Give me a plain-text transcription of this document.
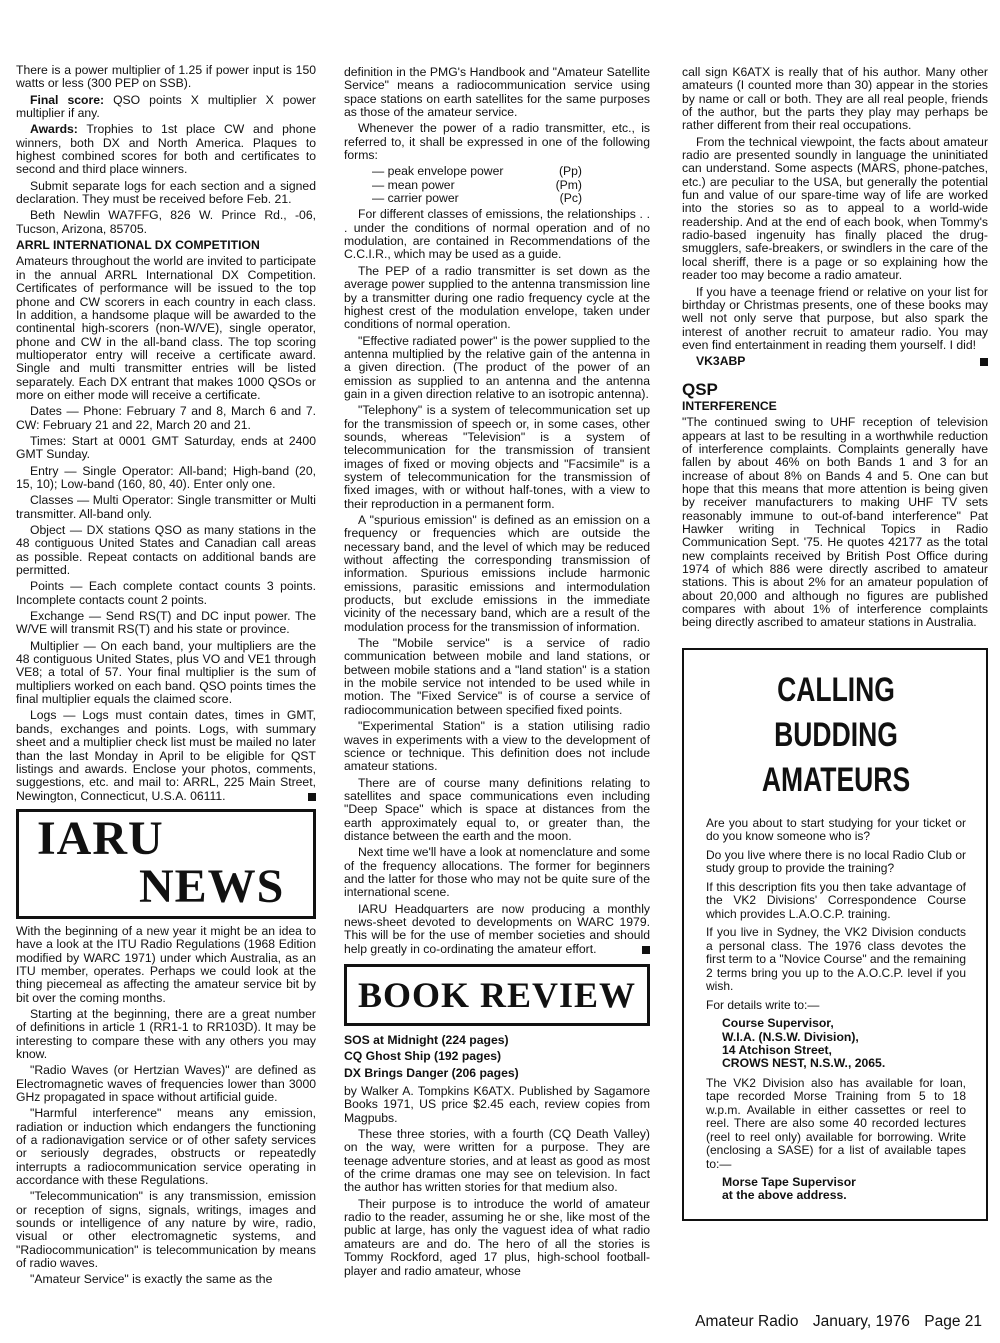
There is a power multiplier of 1.25 if power input is 150 watts or less (300 PEP on SSB).

Final score: QSO points X multiplier X power multiplier if any.

Awards: Trophies to 1st place CW and phone winners, both DX and North America. Plaques to highest combined scores for both and certificates to second and third place winners.

Submit separate logs for each section and a signed declaration. They must be received before Feb. 21.

Beth Newlin WA7FFG, 826 W. Prince Rd., -06, Tucson, Arizona, 85705.

ARRL INTERNATIONAL DX COMPETITION

Amateurs throughout the world are invited to participate in the annual ARRL International DX Competition. Certificates of performance will be issued to the top phone and CW scorers in each country in each class. In addition, a handsome plaque will be awarded to the continental high-scorers (non-W/VE), single operator, phone and CW in the all-band class. The top scoring multioperator entry will receive a certificate award. Single and multi transmitter entries will be listed separately. Each DX entrant that makes 1000 QSOs or more on either mode will receive a certificate.

Dates — Phone: February 7 and 8, March 6 and 7. CW: February 21 and 22, March 20 and 21.

Times: Start at 0001 GMT Saturday, ends at 2400 GMT Sunday.

Entry — Single Operator: All-band; High-band (20, 15, 10); Low-band (160, 80, 40). Enter only one.

Classes — Multi Operator: Single transmitter or Multi transmitter. All-band only.

Object — DX stations QSO as many stations in the 48 contiguous United States and Canadian call areas as possible. Repeat contacts on additional bands are permitted.

Points — Each complete contact counts 3 points. Incomplete contacts count 2 points.

Exchange — Send RS(T) and DC input power. The W/VE will transmit RS(T) and his state or province.

Multiplier — On each band, your multipliers are the 48 contiguous United States, plus VO and VE1 through VE8; a total of 57. Your final multiplier is the sum of multipliers worked on each band. QSO points times the final multiplier equals the claimed score.

Logs — Logs must contain dates, times in GMT, bands, exchanges and points. Logs, with summary sheet and a multiplier check list must be mailed no later than the last Monday in April to be eligible for QST listings and awards. Enclose your photos, comments, suggestions, etc. and mail to: ARRL, 225 Main Street, Newington, Connecticut, U.S.A. 06111.

IARU
NEWS

With the beginning of a new year it might be an idea to have a look at the ITU Radio Regulations (1968 Edition modified by WARC 1971) under which Australia, as an ITU member, operates. Perhaps we could look at the thing piecemeal as affecting the amateur service bit by bit over the coming months.

Starting at the beginning, there are a great number of definitions in article 1 (RR1-1 to RR103D). It may be interesting to compare these with any others you may know.

"Radio Waves (or Hertzian Waves)" are defined as Electromagnetic waves of frequencies lower than 3000 GHz propagated in space without artificial guide.

"Harmful interference" means any emission, radiation or induction which endangers the functioning of a radionavigation service or of other safety services or seriously degrades, obstructs or repeatedly interrupts a radiocommunication service operating in accordance with these Regulations.

"Telecommunication" is any transmission, emission or reception of signs, signals, writings, images and sounds or intelligence of any nature by wire, radio, visual or other electromagnetic systems, and "Radiocommunication" is telecommunication by means of radio waves.

"Amateur Service" is exactly the same as the

definition in the PMG's Handbook and "Amateur Satellite Service" means a radiocommunication service using space stations on earth satellites for the same purposes as those of the amateur service.

Whenever the power of a radio transmitter, etc., is referred to, it shall be expressed in one of the following forms:

— peak envelope power	(Pp)
— mean power	(Pm)
— carrier power	(Pc)

For different classes of emissions, the relationships . . . under the conditions of normal operation and of no modulation, are contained in Recommendations of the C.C.I.R., which may be used as a guide.

The PEP of a radio transmitter is set down as the average power supplied to the antenna transmission line by a transmitter during one radio frequency cycle at the highest crest of the modulation envelope, taken under conditions of normal operation.

"Effective radiated power" is the power supplied to the antenna multiplied by the relative gain of the antenna in a given direction. (The product of the power of an emission as supplied to an antenna and the antenna gain in a given direction relative to an isotropic antenna).

"Telephony" is a system of telecommunication set up for the transmission of speech or, in some cases, other sounds, whereas "Television" is a system of telecommunication for the transmission of transient images of fixed or moving objects and "Facsimile" is a system of telecommunication for the transmission of fixed images, with or without half-tones, with a view to their reproduction in a permanent form.

A "spurious emission" is defined as an emission on a frequency or frequencies which are outside the necessary band, and the level of which may be reduced without affecting the corresponding transmission of information. Spurious emissions include harmonic emissions, parasitic emissions and intermodulation products, but exclude emissions in the immediate vicinity of the necessary band, which are a result of the modulation process for the transmission of information.

The "Mobile service" is a service of radio communication between mobile and land stations, or between mobile stations and a "land station" is a station in the mobile service not intended to be used while in motion. The "Fixed Service" is of course a service of radiocommunication between specified fixed points.

"Experimental Station" is a station utilising radio waves in experiments with a view to the development of science or technique. This definition does not include amateur stations.

There are of course many definitions relating to satellites and space communications even including "Deep Space" which is space at distances from the earth approximately equal to, or greater than, the distance between the earth and the moon.

Next time we'll have a look at nomenclature and some of the frequency allocations. The former for beginners and the latter for those who may not be quite sure of the international scene.

IARU Headquarters are now producing a monthly news-sheet devoted to developments on WARC 1979. This will be for the use of member societies and should help greatly in co-ordinating the amateur effort.

BOOK REVIEW

SOS at Midnight (224 pages)

CQ Ghost Ship (192 pages)

DX Brings Danger (206 pages)

by Walker A. Tompkins K6ATX. Published by Sagamore Books 1971, US price $2.45 each, review copies from Magpubs.

These three stories, with a fourth (CQ Death Valley) on the way, were written for a purpose. They are teenage adventure stories, and at least as good as most of the crime dramas one may see on television. In fact the author has written stories for that medium also.

Their purpose is to introduce the world of amateur radio to the reader, assuming he or she, like most of the public at large, has only the vaguest idea of what radio amateurs are and do. The hero of all the stories is Tommy Rockford, aged 17 plus, high-school football-player and radio amateur, whose

call sign K6ATX is really that of his author. Many other amateurs (I counted more than 30) appear in the stories by name or call or both. They are all real people, friends of the author, but the parts they play may perhaps be rather different from their real occupations.

From the technical viewpoint, the facts about amateur radio are presented soundly in language the uninitiated can understand. Some aspects (MARS, phone-patches, etc.) are peculiar to the USA, but generally the potential fun and value of our spare-time way of life are worked into the stories so as to appeal to a world-wide readership. And at the end of each book, when Tommy's radio-based ingenuity has finally placed the drug-smugglers, safe-breakers, or swindlers in the care of the local sheriff, there is a page or so explaining how the reader too may become a radio amateur.

If you have a teenage friend or relative on your list for birthday or Christmas presents, one of these books may well not only serve that purpose, but also spark the interest of another recruit to amateur radio. You may even find entertainment in reading them yourself. I did!

VK3ABP

QSP

INTERFERENCE

"The continued swing to UHF reception of television appears at last to be resulting in a worthwhile reduction of interference complaints. Complaints generally have fallen by about 46% on both Bands 1 and 3 for an increase of about 8% on Bands 4 and 5. One can but hope that this means that more attention is being given by receiver manufacturers to making UHF TV sets reasonably immune to out-of-band interference" Pat Hawker writing in Technical Topics in Radio Communication Sept. '75. He quotes 42177 as the total new complaints received by British Post Office during 1974 of which 886 were directly ascribed to amateur stations. This is about 2% for an amateur population of about 20,000 and although no figures are published compares with about 1% of interference complaints being directly ascribed to amateur stations in Australia.

CALLING
BUDDING
AMATEURS

Are you about to start studying for your ticket or do you know someone who is?

Do you live where there is no local Radio Club or study group to provide the training?

If this description fits you then take advantage of the VK2 Divisions' Correspondence Course which provides L.A.O.C.P. training.

If you live in Sydney, the VK2 Division conducts a personal class. The 1976 class devotes the first term to a "Novice Course" and the remaining 2 terms bring you up to the A.O.C.P. level if you wish.

For details write to:—

Course Supervisor,
W.I.A. (N.S.W. Division),
14 Atchison Street,
CROWS NEST, N.S.W., 2065.

The VK2 Division also has available for loan, tape recorded Morse Training from 5 to 18 w.p.m. Available in either cassettes or reel to reel. There are also some 40 recorded lectures (reel to reel only) available for borrowing. Write (enclosing a SASE) for a list of available tapes to:—

Morse Tape Supervisor
at the above address.
Amateur Radio January, 1976 Page 21
